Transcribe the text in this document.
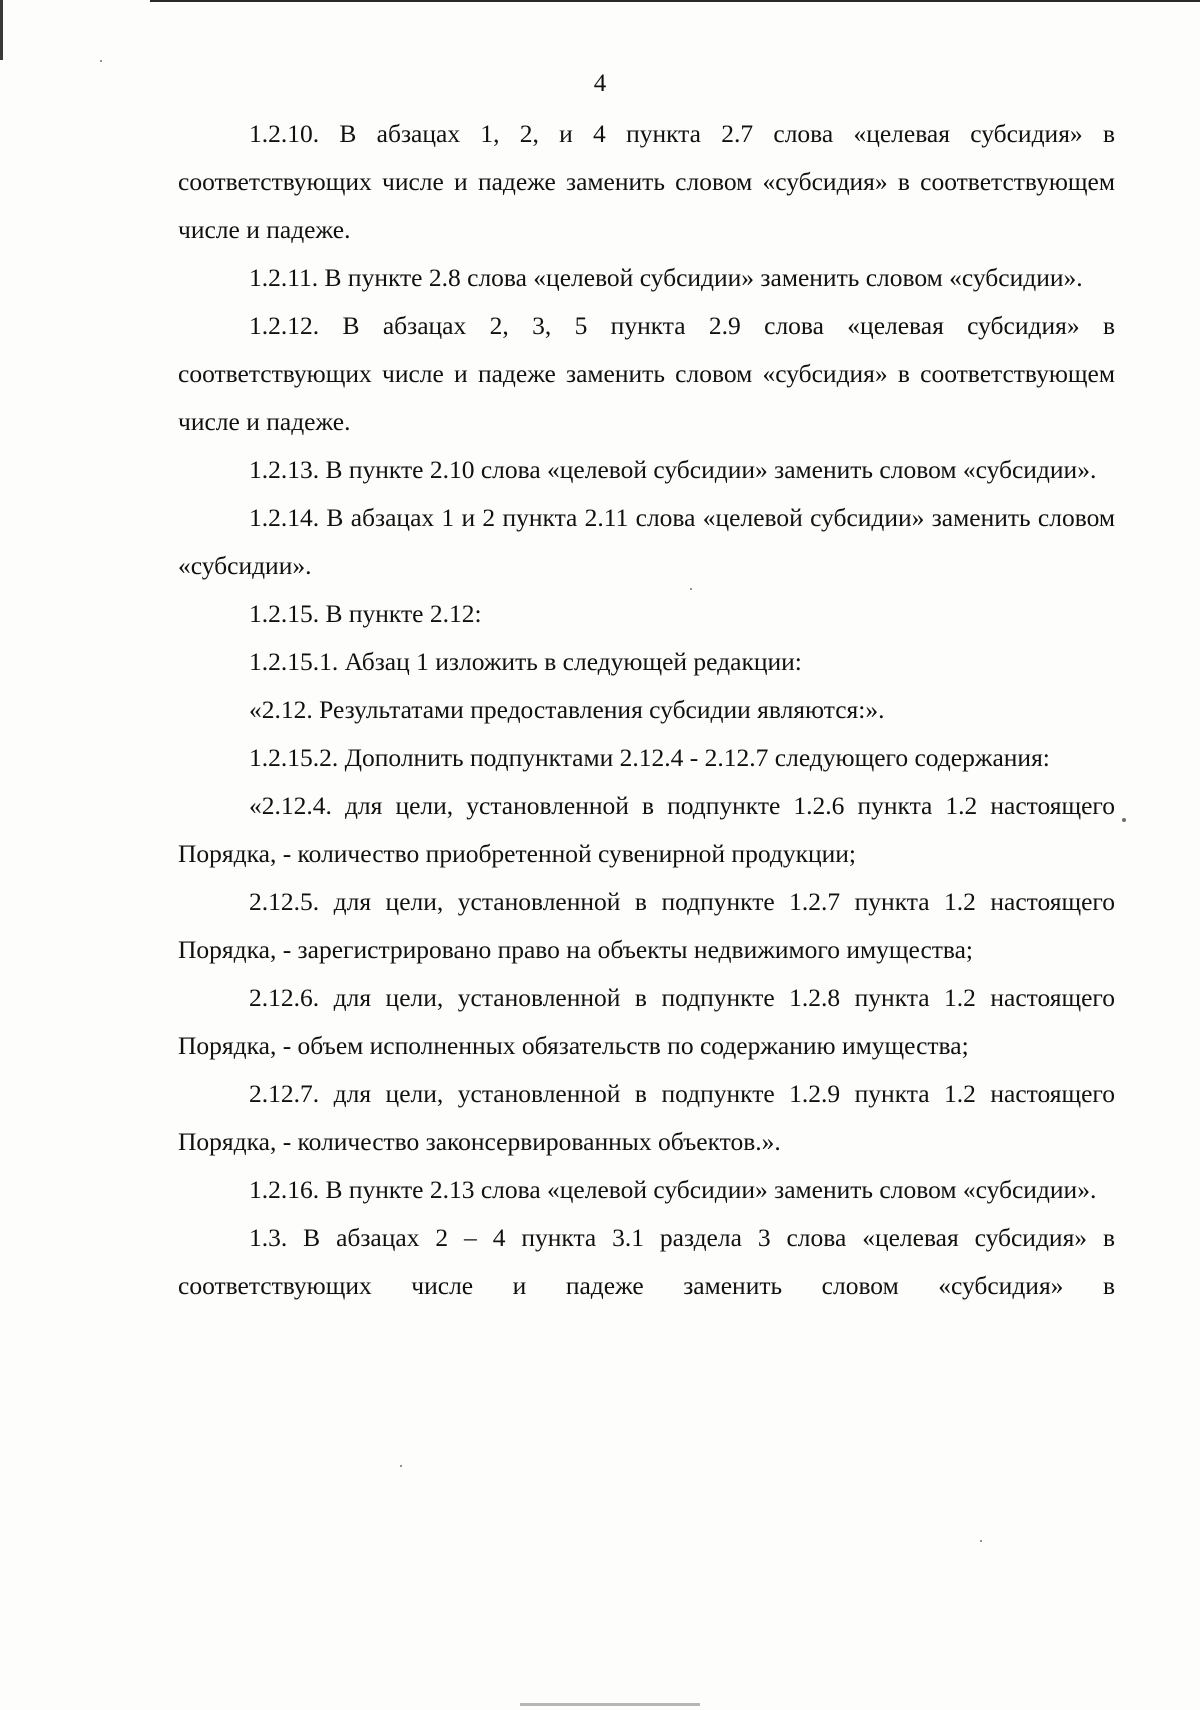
4

1.2.10. В абзацах 1, 2, и 4 пункта 2.7 слова «целевая субсидия» в соответствующих числе и падеже заменить словом «субсидия» в соответствующем числе и падеже.

1.2.11. В пункте 2.8 слова «целевой субсидии» заменить словом «субсидии».

1.2.12. В абзацах 2, 3, 5 пункта 2.9 слова «целевая субсидия» в соответствующих числе и падеже заменить словом «субсидия» в соответствующем числе и падеже.

1.2.13. В пункте 2.10 слова «целевой субсидии» заменить словом «субсидии».

1.2.14. В абзацах 1 и 2 пункта 2.11 слова «целевой субсидии» заменить словом «субсидии».

1.2.15. В пункте 2.12:

1.2.15.1. Абзац 1 изложить в следующей редакции:

«2.12. Результатами предоставления субсидии являются:».

1.2.15.2. Дополнить подпунктами 2.12.4 - 2.12.7 следующего содержания:

«2.12.4. для цели, установленной в подпункте 1.2.6 пункта 1.2 настоящего Порядка, - количество приобретенной сувенирной продукции;

2.12.5. для цели, установленной в подпункте 1.2.7 пункта 1.2 настоящего Порядка, - зарегистрировано право на объекты недвижимого имущества;

2.12.6. для цели, установленной в подпункте 1.2.8 пункта 1.2 настоящего Порядка, - объем исполненных обязательств по содержанию имущества;

2.12.7. для цели, установленной в подпункте 1.2.9 пункта 1.2 настоящего Порядка, - количество законсервированных объектов.».

1.2.16. В пункте 2.13 слова «целевой субсидии» заменить словом «субсидии».

1.3. В абзацах 2 – 4 пункта 3.1 раздела 3 слова «целевая субсидия» в соответствующих числе и падеже заменить словом «субсидия» в
